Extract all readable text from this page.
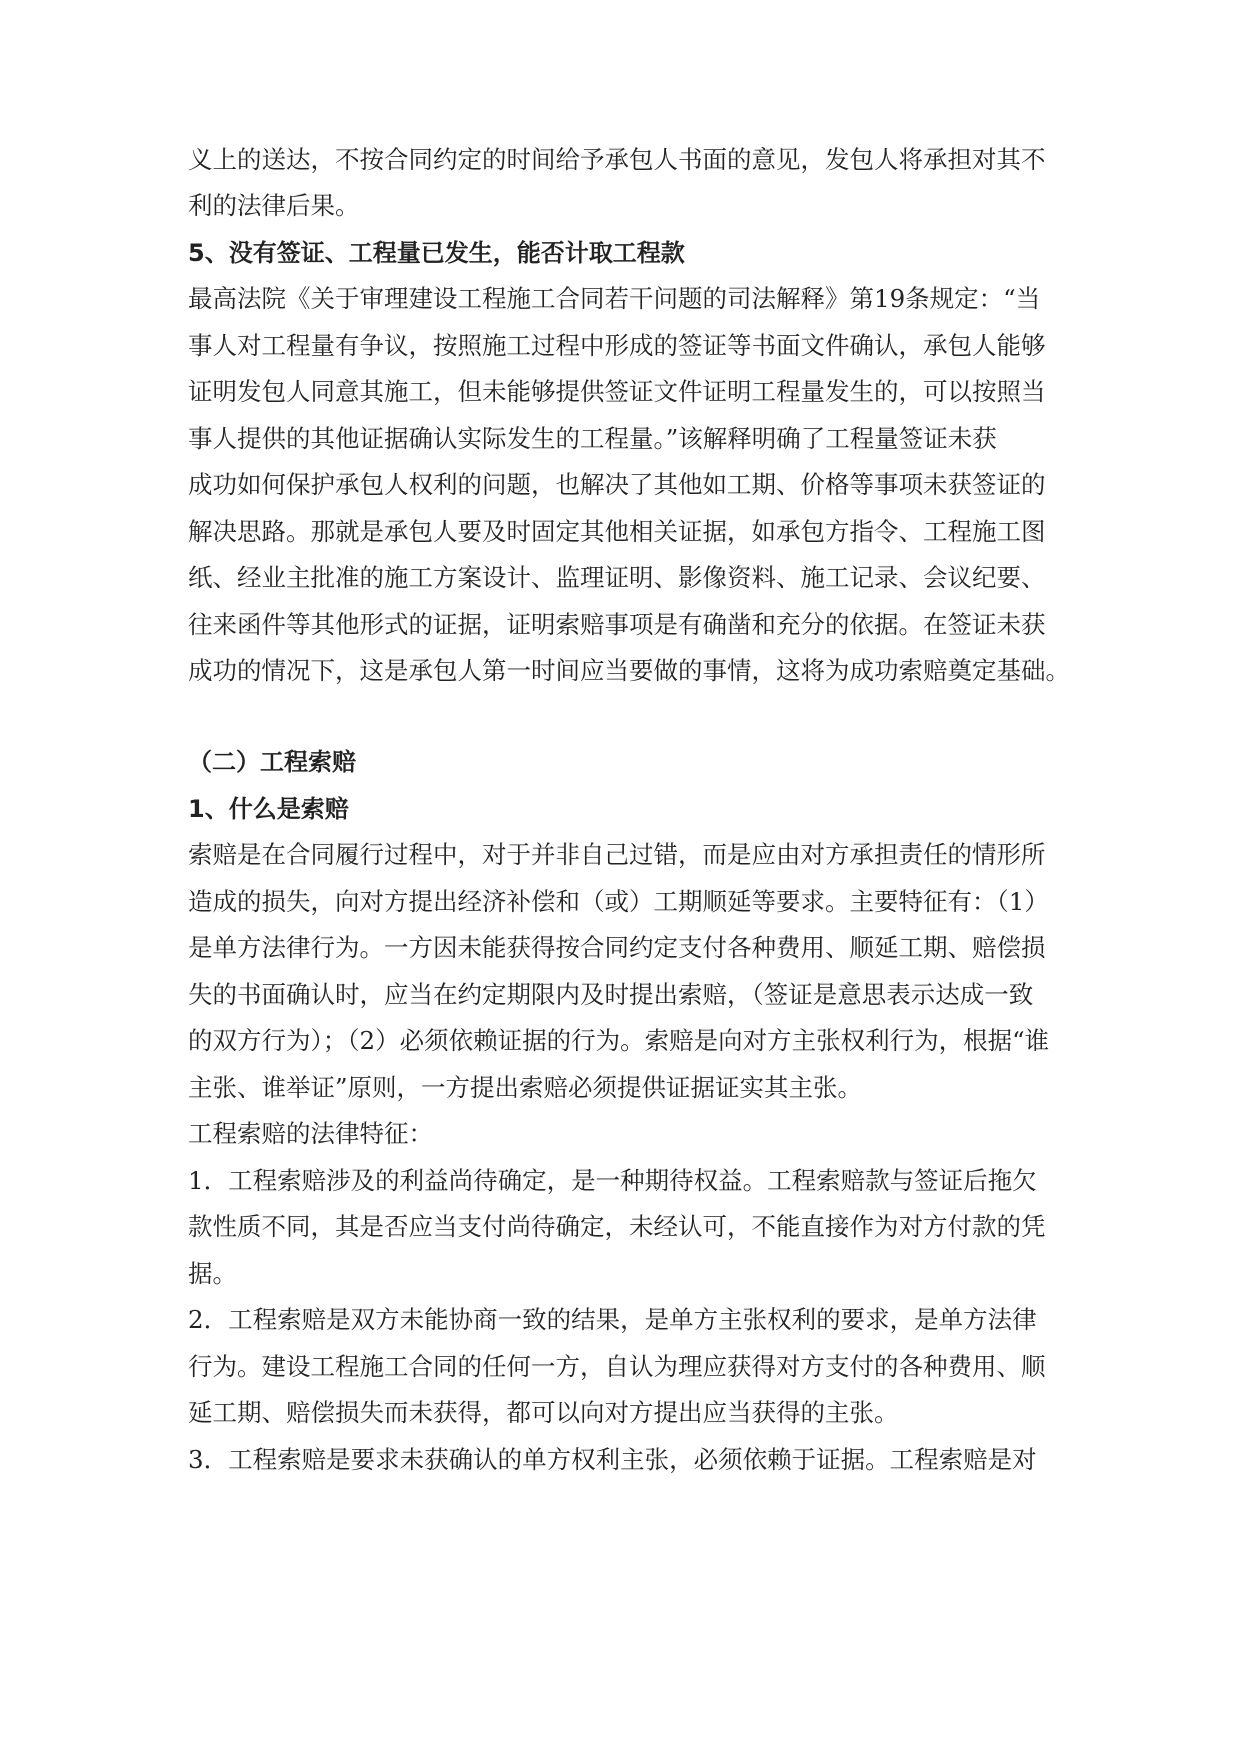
义上的送达，不按合同约定的时间给予承包人书面的意见，发包人将承担对其不
利的法律后果。
5、没有签证、工程量已发生，能否计取工程款
最高法院《关于审理建设工程施工合同若干问题的司法解释》第19条规定：“当
事人对工程量有争议，按照施工过程中形成的签证等书面文件确认，承包人能够
证明发包人同意其施工，但未能够提供签证文件证明工程量发生的，可以按照当
事人提供的其他证据确认实际发生的工程量。”该解释明确了工程量签证未获
成功如何保护承包人权利的问题，也解决了其他如工期、价格等事项未获签证的
解决思路。那就是承包人要及时固定其他相关证据，如承包方指令、工程施工图
纸、经业主批准的施工方案设计、监理证明、影像资料、施工记录、会议纪要、
往来函件等其他形式的证据，证明索赔事项是有确凿和充分的依据。在签证未获
成功的情况下，这是承包人第一时间应当要做的事情，这将为成功索赔奠定基础。
（二）工程索赔
1、什么是索赔
索赔是在合同履行过程中，对于并非自己过错，而是应由对方承担责任的情形所
造成的损失，向对方提出经济补偿和（或）工期顺延等要求。主要特征有：（1）
是单方法律行为。一方因未能获得按合同约定支付各种费用、顺延工期、赔偿损
失的书面确认时，应当在约定期限内及时提出索赔，（签证是意思表示达成一致
的双方行为）；（2）必须依赖证据的行为。索赔是向对方主张权利行为，根据“谁
主张、谁举证”原则，一方提出索赔必须提供证据证实其主张。
工程索赔的法律特征：
1．工程索赔涉及的利益尚待确定，是一种期待权益。工程索赔款与签证后拖欠
款性质不同，其是否应当支付尚待确定，未经认可，不能直接作为对方付款的凭
据。
2．工程索赔是双方未能协商一致的结果，是单方主张权利的要求，是单方法律
行为。建设工程施工合同的任何一方，自认为理应获得对方支付的各种费用、顺
延工期、赔偿损失而未获得，都可以向对方提出应当获得的主张。
3．工程索赔是要求未获确认的单方权利主张，必须依赖于证据。工程索赔是对
